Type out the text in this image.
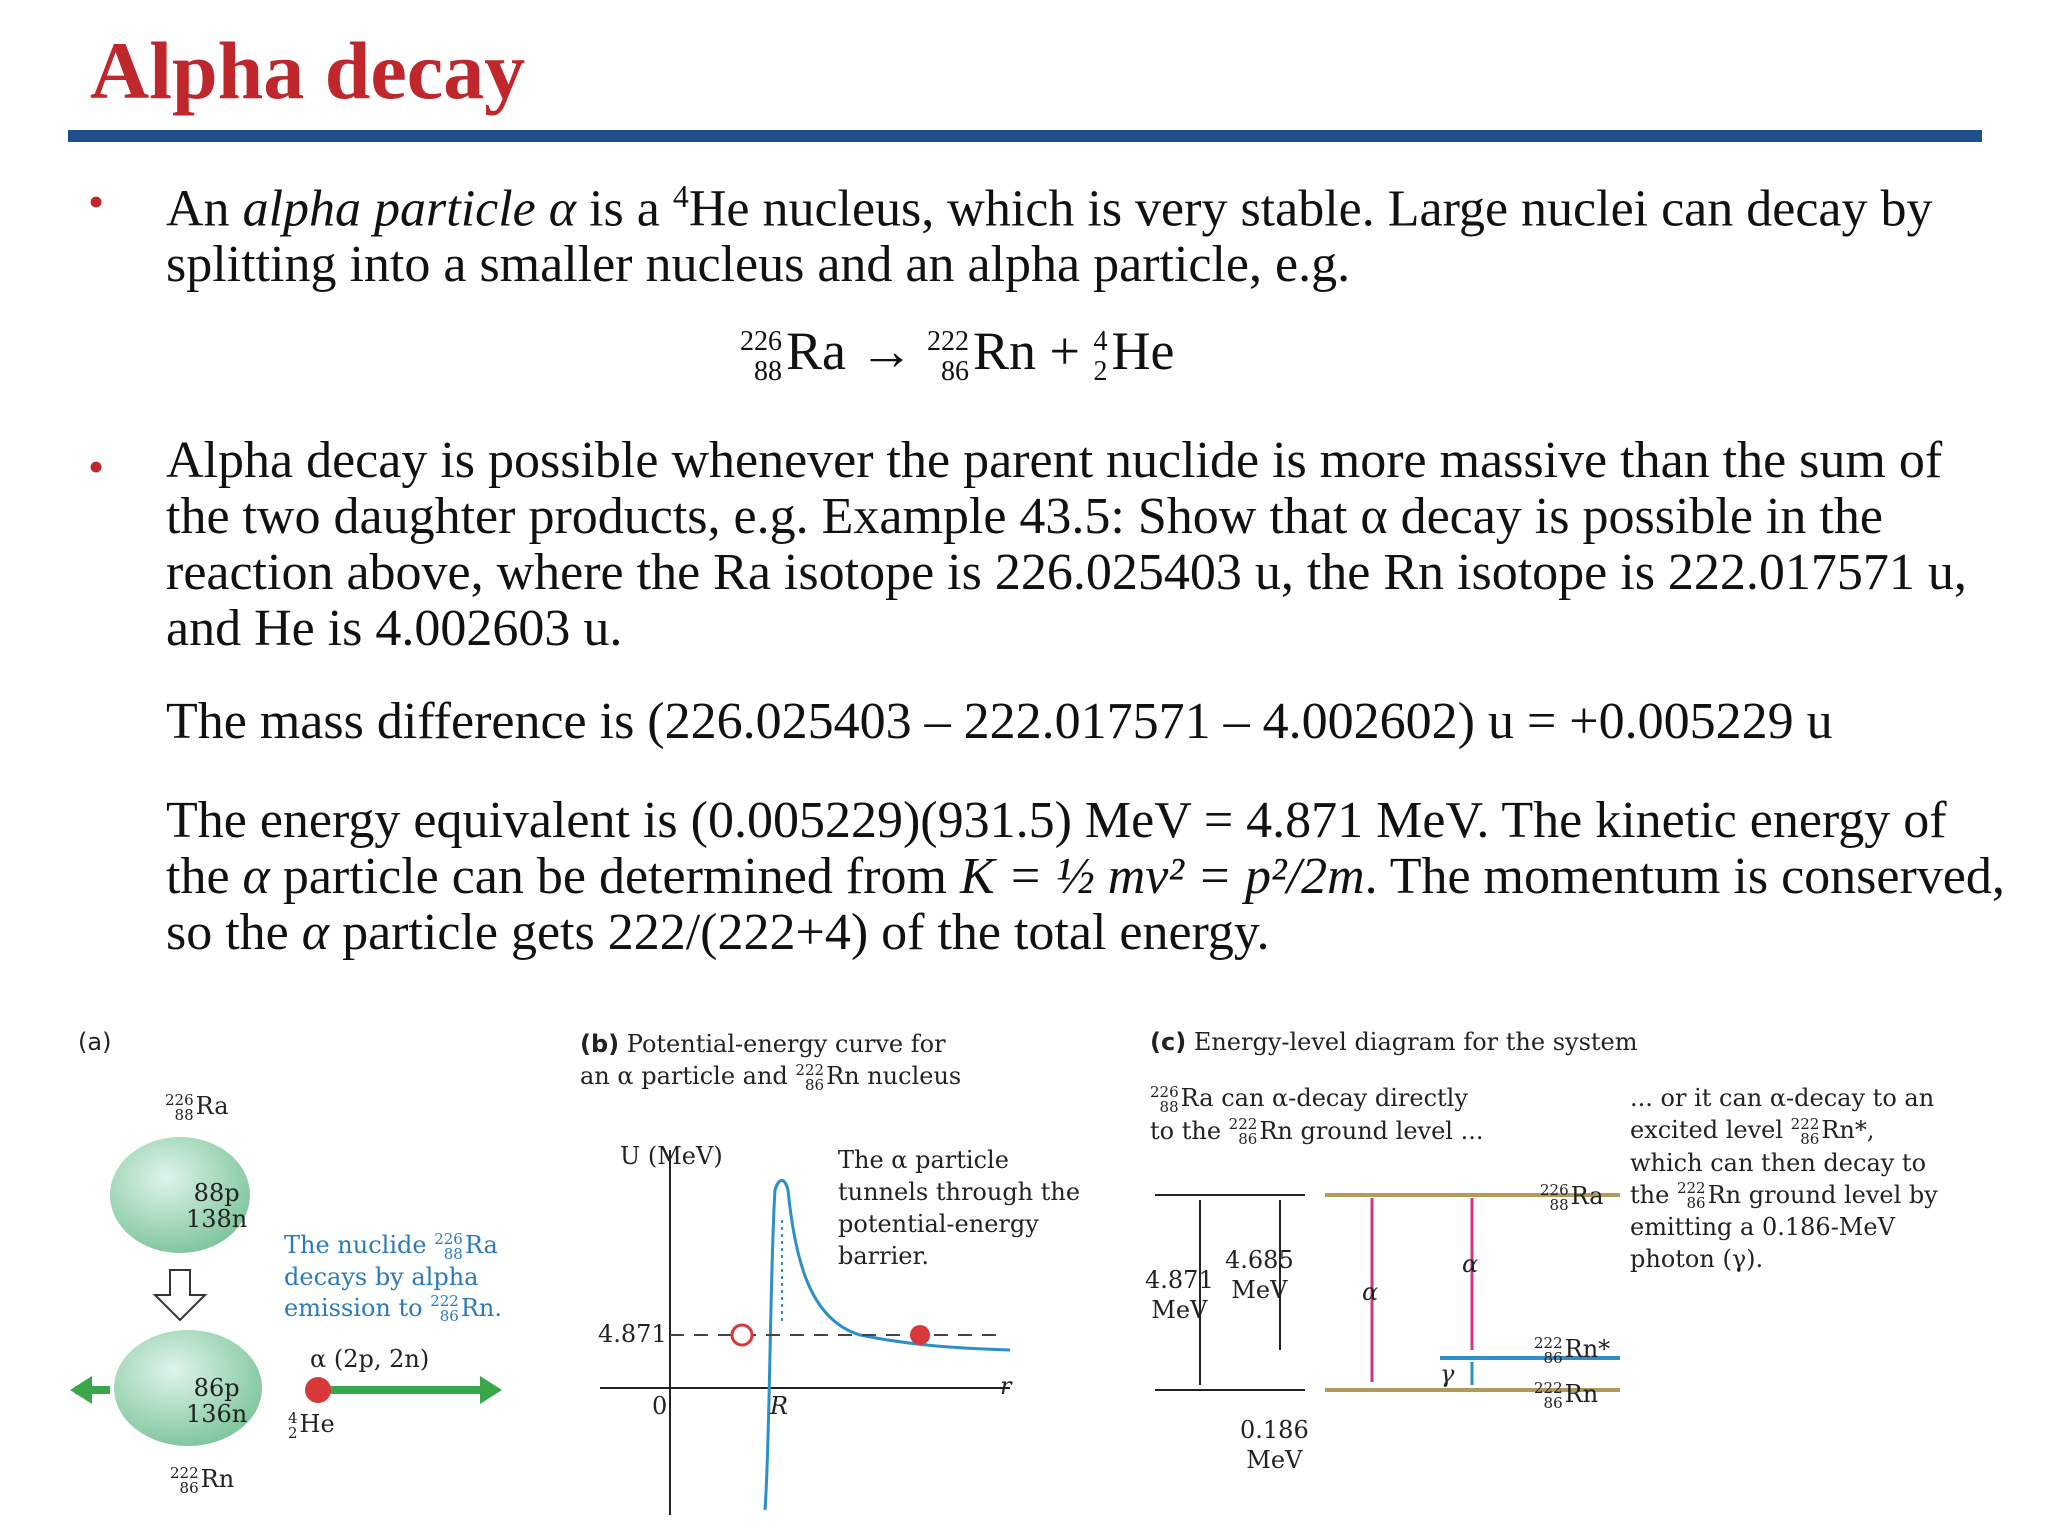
Alpha decay
• An alpha particle α is a $^4$He nucleus, which is very stable. Large nuclei can decay by splitting into a smaller nucleus and an alpha particle, e.g.
226
88 Ra → 222
86 Rn + 4
2 He
• Alpha decay is possible whenever the parent nuclide is more massive than the sum of the two daughter products, e.g. Example 43.5: Show that α decay is possible in the reaction above, where the Ra isotope is 226.025403 u, the Rn isotope is 222.017571 u, and He is 4.002603 u.
The mass difference is (226.025403 – 222.017571 – 4.002602) u = +0.005229 u
The energy equivalent is (0.005229)(931.5) MeV = 4.871 MeV. The kinetic energy of the α particle can be determined from K = ½ mv² = p²/2m. The momentum is conserved, so the α particle gets 222/(222+4) of the total energy.
(a)
226
88 Ra
88p
138n
86p
136n
The nuclide 226
88 Ra
decays by alpha
emission to 222
86 Rn.
α (2p, 2n)
4
2 He
222
86 Rn
(b) Potential-energy curve for
an α particle and 222
86 Rn nucleus
U (MeV)
4.871
0	R
r
The α particle
tunnels through the
potential-energy
barrier.
(c) Energy-level diagram for the system
226
88 Ra can α-decay directly
to the 222
86 Rn ground level ...
... or it can α-decay to an
excited level 222
86 Rn*,
which can then decay to
the 222
86 Rn ground level by
emitting a 0.186-MeV
photon (γ).
4.871
MeV
4.685
MeV
0.186
MeV
α
α
γ
226
88 Ra
222
86 Rn*
222
86 Rn
